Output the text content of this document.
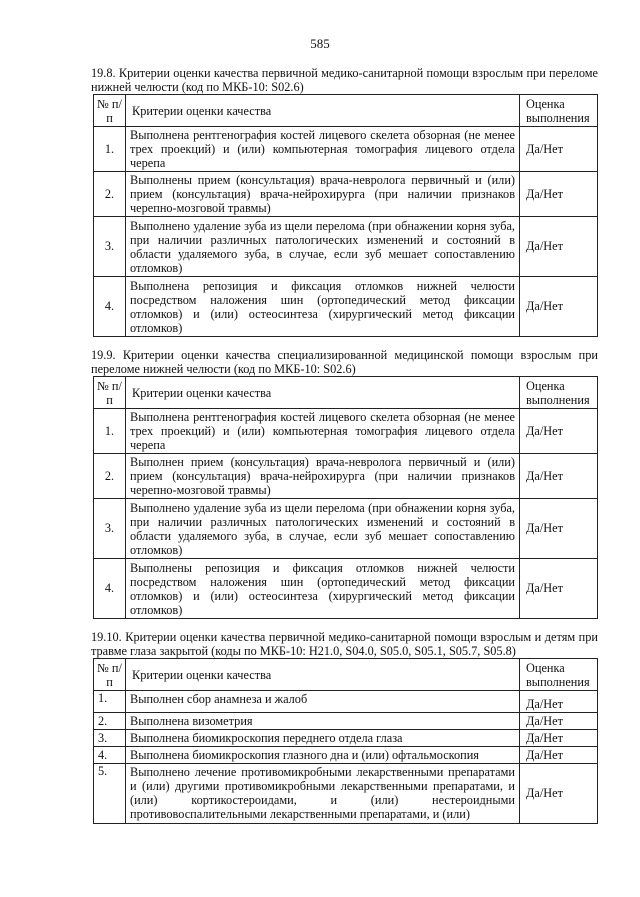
585

19.8. Критерии оценки качества первичной медико-санитарной помощи взрослым при переломе нижней челюсти (код по МКБ-10: S02.6)

№ п/п	Критерии оценки качества	Оценка выполнения
1.	Выполнена рентгенография костей лицевого скелета обзорная (не менее трех проекций) и (или) компьютерная томография лицевого отдела черепа	Да/Нет
2.	Выполнены прием (консультация) врача-невролога первичный и (или) прием (консультация) врача-нейрохирурга (при наличии признаков черепно-мозговой травмы)	Да/Нет
3.	Выполнено удаление зуба из щели перелома (при обнажении корня зуба, при наличии различных патологических изменений и состояний в области удаляемого зуба, в случае, если зуб мешает сопоставлению отломков)	Да/Нет
4.	Выполнена репозиция и фиксация отломков нижней челюсти посредством наложения шин (ортопедический метод фиксации отломков) и (или) остеосинтеза (хирургический метод фиксации отломков)	Да/Нет

19.9. Критерии оценки качества специализированной медицинской помощи взрослым при переломе нижней челюсти (код по МКБ-10: S02.6)

№ п/п	Критерии оценки качества	Оценка выполнения
1.	Выполнена рентгенография костей лицевого скелета обзорная (не менее трех проекций) и (или) компьютерная томография лицевого отдела черепа	Да/Нет
2.	Выполнен прием (консультация) врача-невролога первичный и (или) прием (консультация) врача-нейрохирурга (при наличии признаков черепно-мозговой травмы)	Да/Нет
3.	Выполнено удаление зуба из щели перелома (при обнажении корня зуба, при наличии различных патологических изменений и состояний в области удаляемого зуба, в случае, если зуб мешает сопоставлению отломков)	Да/Нет
4.	Выполнены репозиция и фиксация отломков нижней челюсти посредством наложения шин (ортопедический метод фиксации отломков) и (или) остеосинтеза (хирургический метод фиксации отломков)	Да/Нет

19.10. Критерии оценки качества первичной медико-санитарной помощи взрослым и детям при травме глаза закрытой (коды по МКБ-10: H21.0, S04.0, S05.0, S05.1, S05.7, S05.8)

№ п/п	Критерии оценки качества	Оценка выполнения
1.	Выполнен сбор анамнеза и жалоб	Да/Нет
2.	Выполнена визометрия	Да/Нет
3.	Выполнена биомикроскопия переднего отдела глаза	Да/Нет
4.	Выполнена биомикроскопия глазного дна и (или) офтальмоскопия	Да/Нет
5.	Выполнено лечение противомикробными лекарственными препаратами и (или) другими противомикробными лекарственными препаратами, и (или) кортикостероидами, и (или) нестероидными противовоспалительными лекарственными препаратами, и (или)	Да/Нет
